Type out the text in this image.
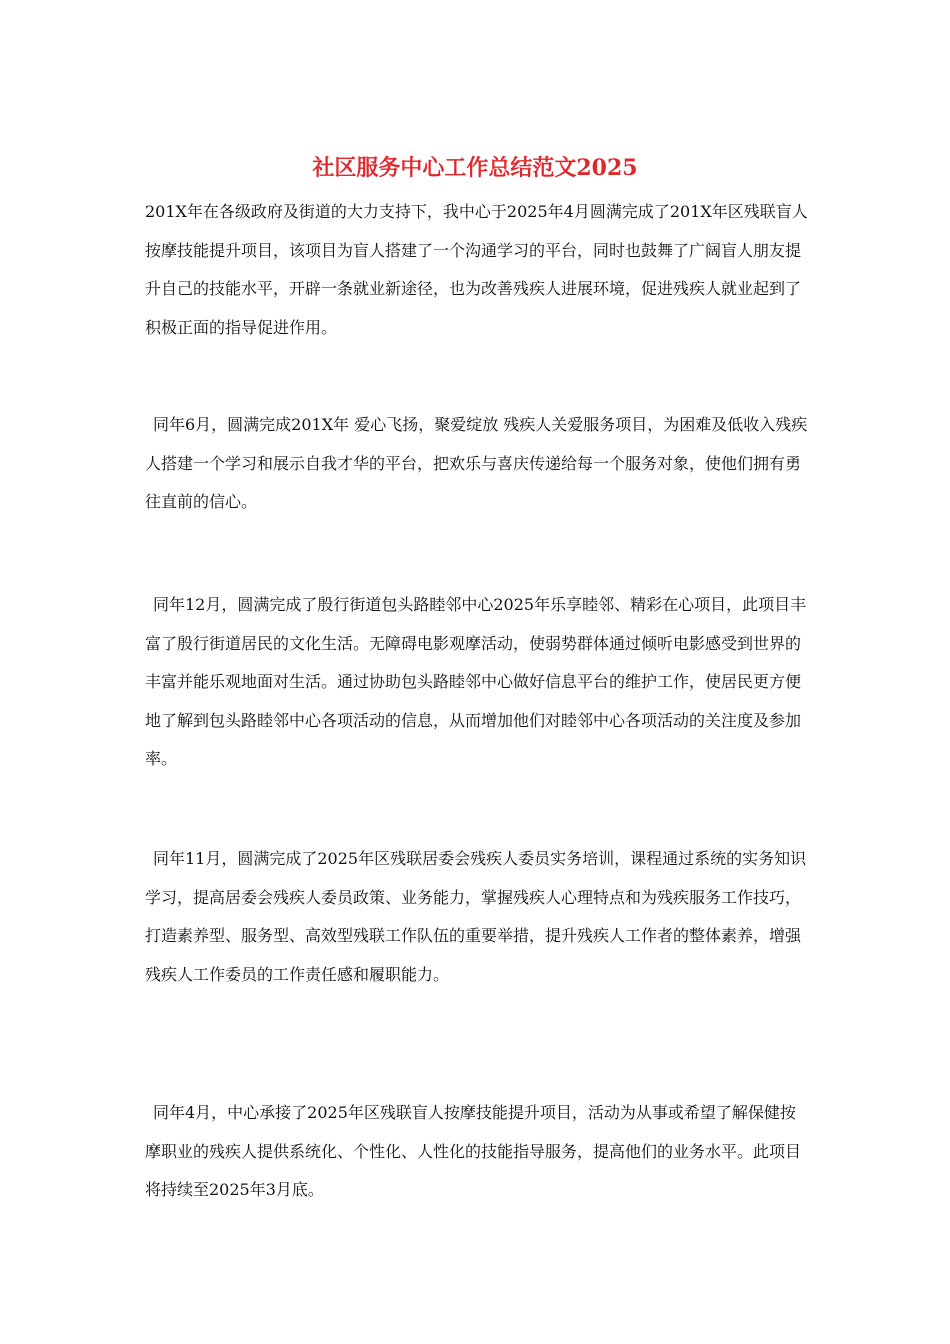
社区服务中心工作总结范文2025

201X年在各级政府及街道的大力支持下，我中心于2025年4月圆满完成了201X年区残联盲人按摩技能提升项目，该项目为盲人搭建了一个沟通学习的平台，同时也鼓舞了广阔盲人朋友提升自己的技能水平，开辟一条就业新途径，也为改善残疾人进展环境，促进残疾人就业起到了积极正面的指导促进作用。

同年6月，圆满完成201X年 爱心飞扬，聚爱绽放 残疾人关爱服务项目，为困难及低收入残疾人搭建一个学习和展示自我才华的平台，把欢乐与喜庆传递给每一个服务对象，使他们拥有勇往直前的信心。

同年12月，圆满完成了殷行街道包头路睦邻中心2025年乐享睦邻、精彩在心项目，此项目丰富了殷行街道居民的文化生活。无障碍电影观摩活动，使弱势群体通过倾听电影感受到世界的丰富并能乐观地面对生活。通过协助包头路睦邻中心做好信息平台的维护工作，使居民更方便地了解到包头路睦邻中心各项活动的信息，从而增加他们对睦邻中心各项活动的关注度及参加率。

同年11月，圆满完成了2025年区残联居委会残疾人委员实务培训，课程通过系统的实务知识学习，提高居委会残疾人委员政策、业务能力，掌握残疾人心理特点和为残疾服务工作技巧，打造素养型、服务型、高效型残联工作队伍的重要举措，提升残疾人工作者的整体素养，增强残疾人工作委员的工作责任感和履职能力。

同年4月，中心承接了2025年区残联盲人按摩技能提升项目，活动为从事或希望了解保健按摩职业的残疾人提供系统化、个性化、人性化的技能指导服务，提高他们的业务水平。此项目将持续至2025年3月底。
